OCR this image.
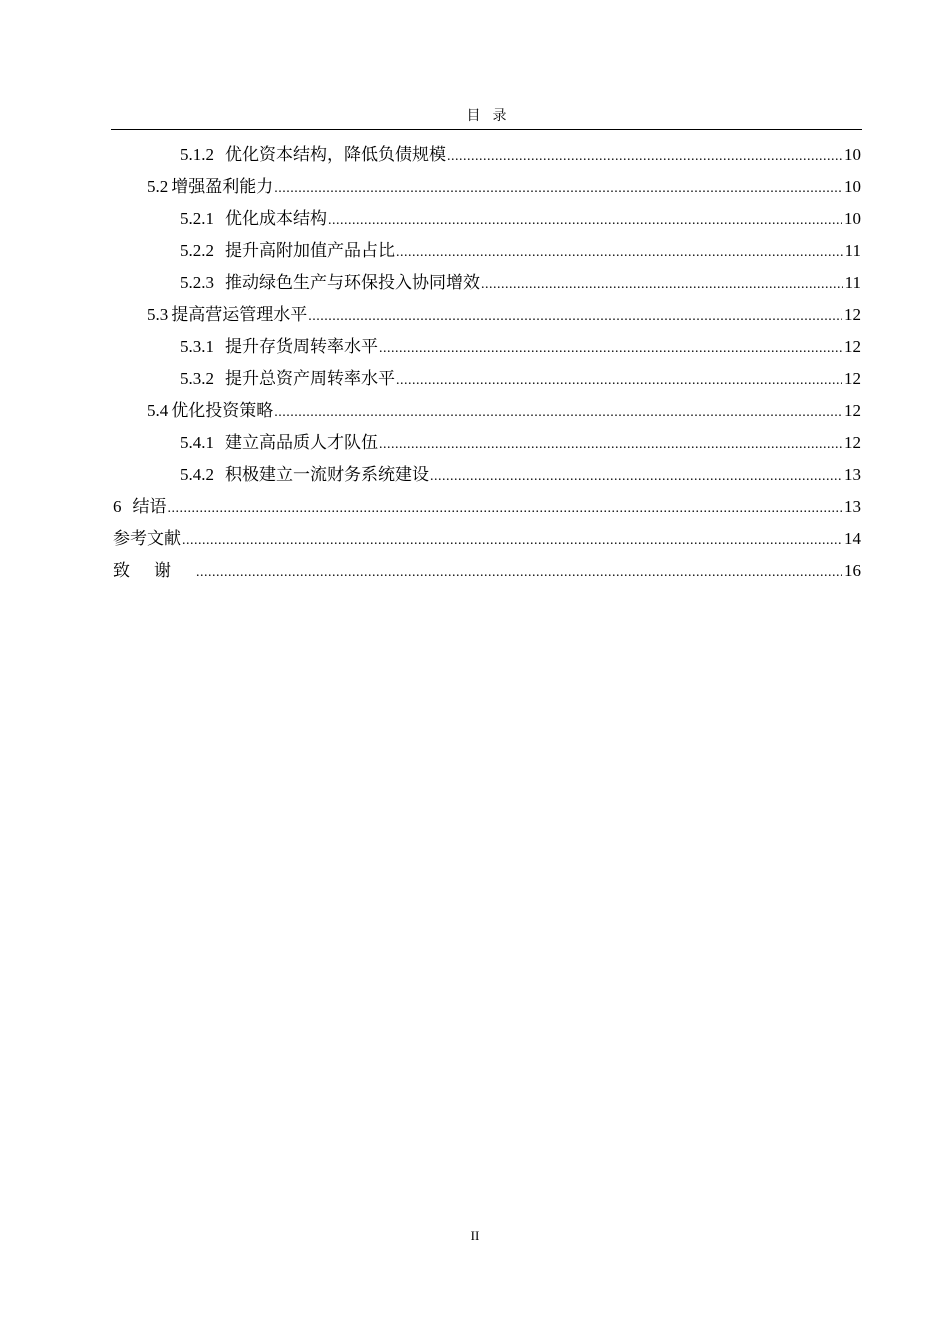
目录
5.1.2 优化资本结构，降低负债规模 .....	10
5.2 增强盈利能力 .....	10
5.2.1 优化成本结构 .....	10
5.2.2 提升高附加值产品占比 .....	11
5.2.3 推动绿色生产与环保投入协同增效 .....	11
5.3 提高营运管理水平 .....	12
5.3.1 提升存货周转率水平 .....	12
5.3.2 提升总资产周转率水平 .....	12
5.4 优化投资策略 .....	12
5.4.1 建立高品质人才队伍 .....	12
5.4.2 积极建立一流财务系统建设 .....	13
6 结语 .....	13
参考文献 .....	14
致谢 .....	16
II
